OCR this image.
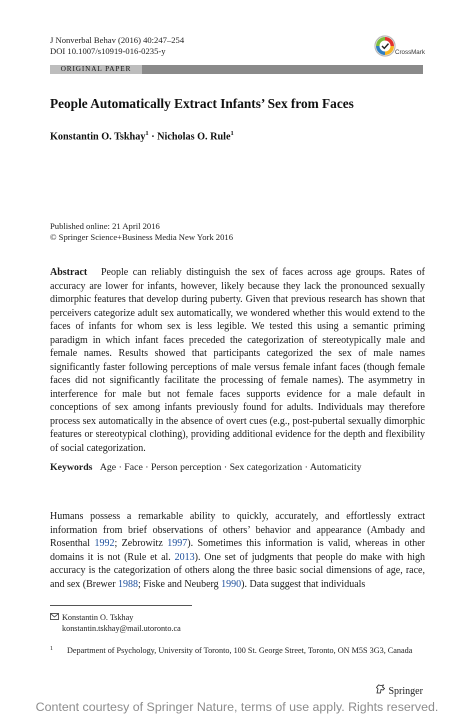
J Nonverbal Behav (2016) 40:247–254
DOI 10.1007/s10919-016-0235-y	CrossMark
ORIGINAL PAPER
People Automatically Extract Infants’ Sex from Faces
Konstantin O. Tskhay$^1$ · Nicholas O. Rule$^1$
Published online: 21 April 2016
© Springer Science+Business Media New York 2016
Abstract People can reliably distinguish the sex of faces across age groups. Rates of accuracy are lower for infants, however, likely because they lack the pronounced sexually dimorphic features that develop during puberty. Given that previous research has shown that perceivers categorize adult sex automatically, we wondered whether this would extend to the faces of infants for whom sex is less legible. We tested this using a semantic priming paradigm in which infant faces preceded the categorization of stereotypically male and female names. Results showed that participants categorized the sex of male names significantly faster following perceptions of male versus female infant faces (though female faces did not significantly facilitate the processing of female names). The asymmetry in interference for male but not female faces supports evidence for a male default in conceptions of sex among infants previously found for adults. Individuals may therefore process sex automatically in the absence of overt cues (e.g., post-pubertal sexually dimorphic features or stereotypical clothing), providing additional evidence for the depth and flexibility of social categorization.
Keywords Age · Face · Person perception · Sex categorization · Automaticity
Humans possess a remarkable ability to quickly, accurately, and effortlessly extract information from brief observations of others’ behavior and appearance (Ambady and Rosenthal 1992; Zebrowitz 1997). Sometimes this information is valid, whereas in other domains it is not (Rule et al. 2013). One set of judgments that people do make with high accuracy is the categorization of others along the three basic social dimensions of age, race, and sex (Brewer 1988; Fiske and Neuberg 1990). Data suggest that individuals
Konstantin O. Tskhay
konstantin.tskhay@mail.utoronto.ca
1 Department of Psychology, University of Toronto, 100 St. George Street, Toronto, ON M5S 3G3, Canada
Springer
Content courtesy of Springer Nature, terms of use apply. Rights reserved.
